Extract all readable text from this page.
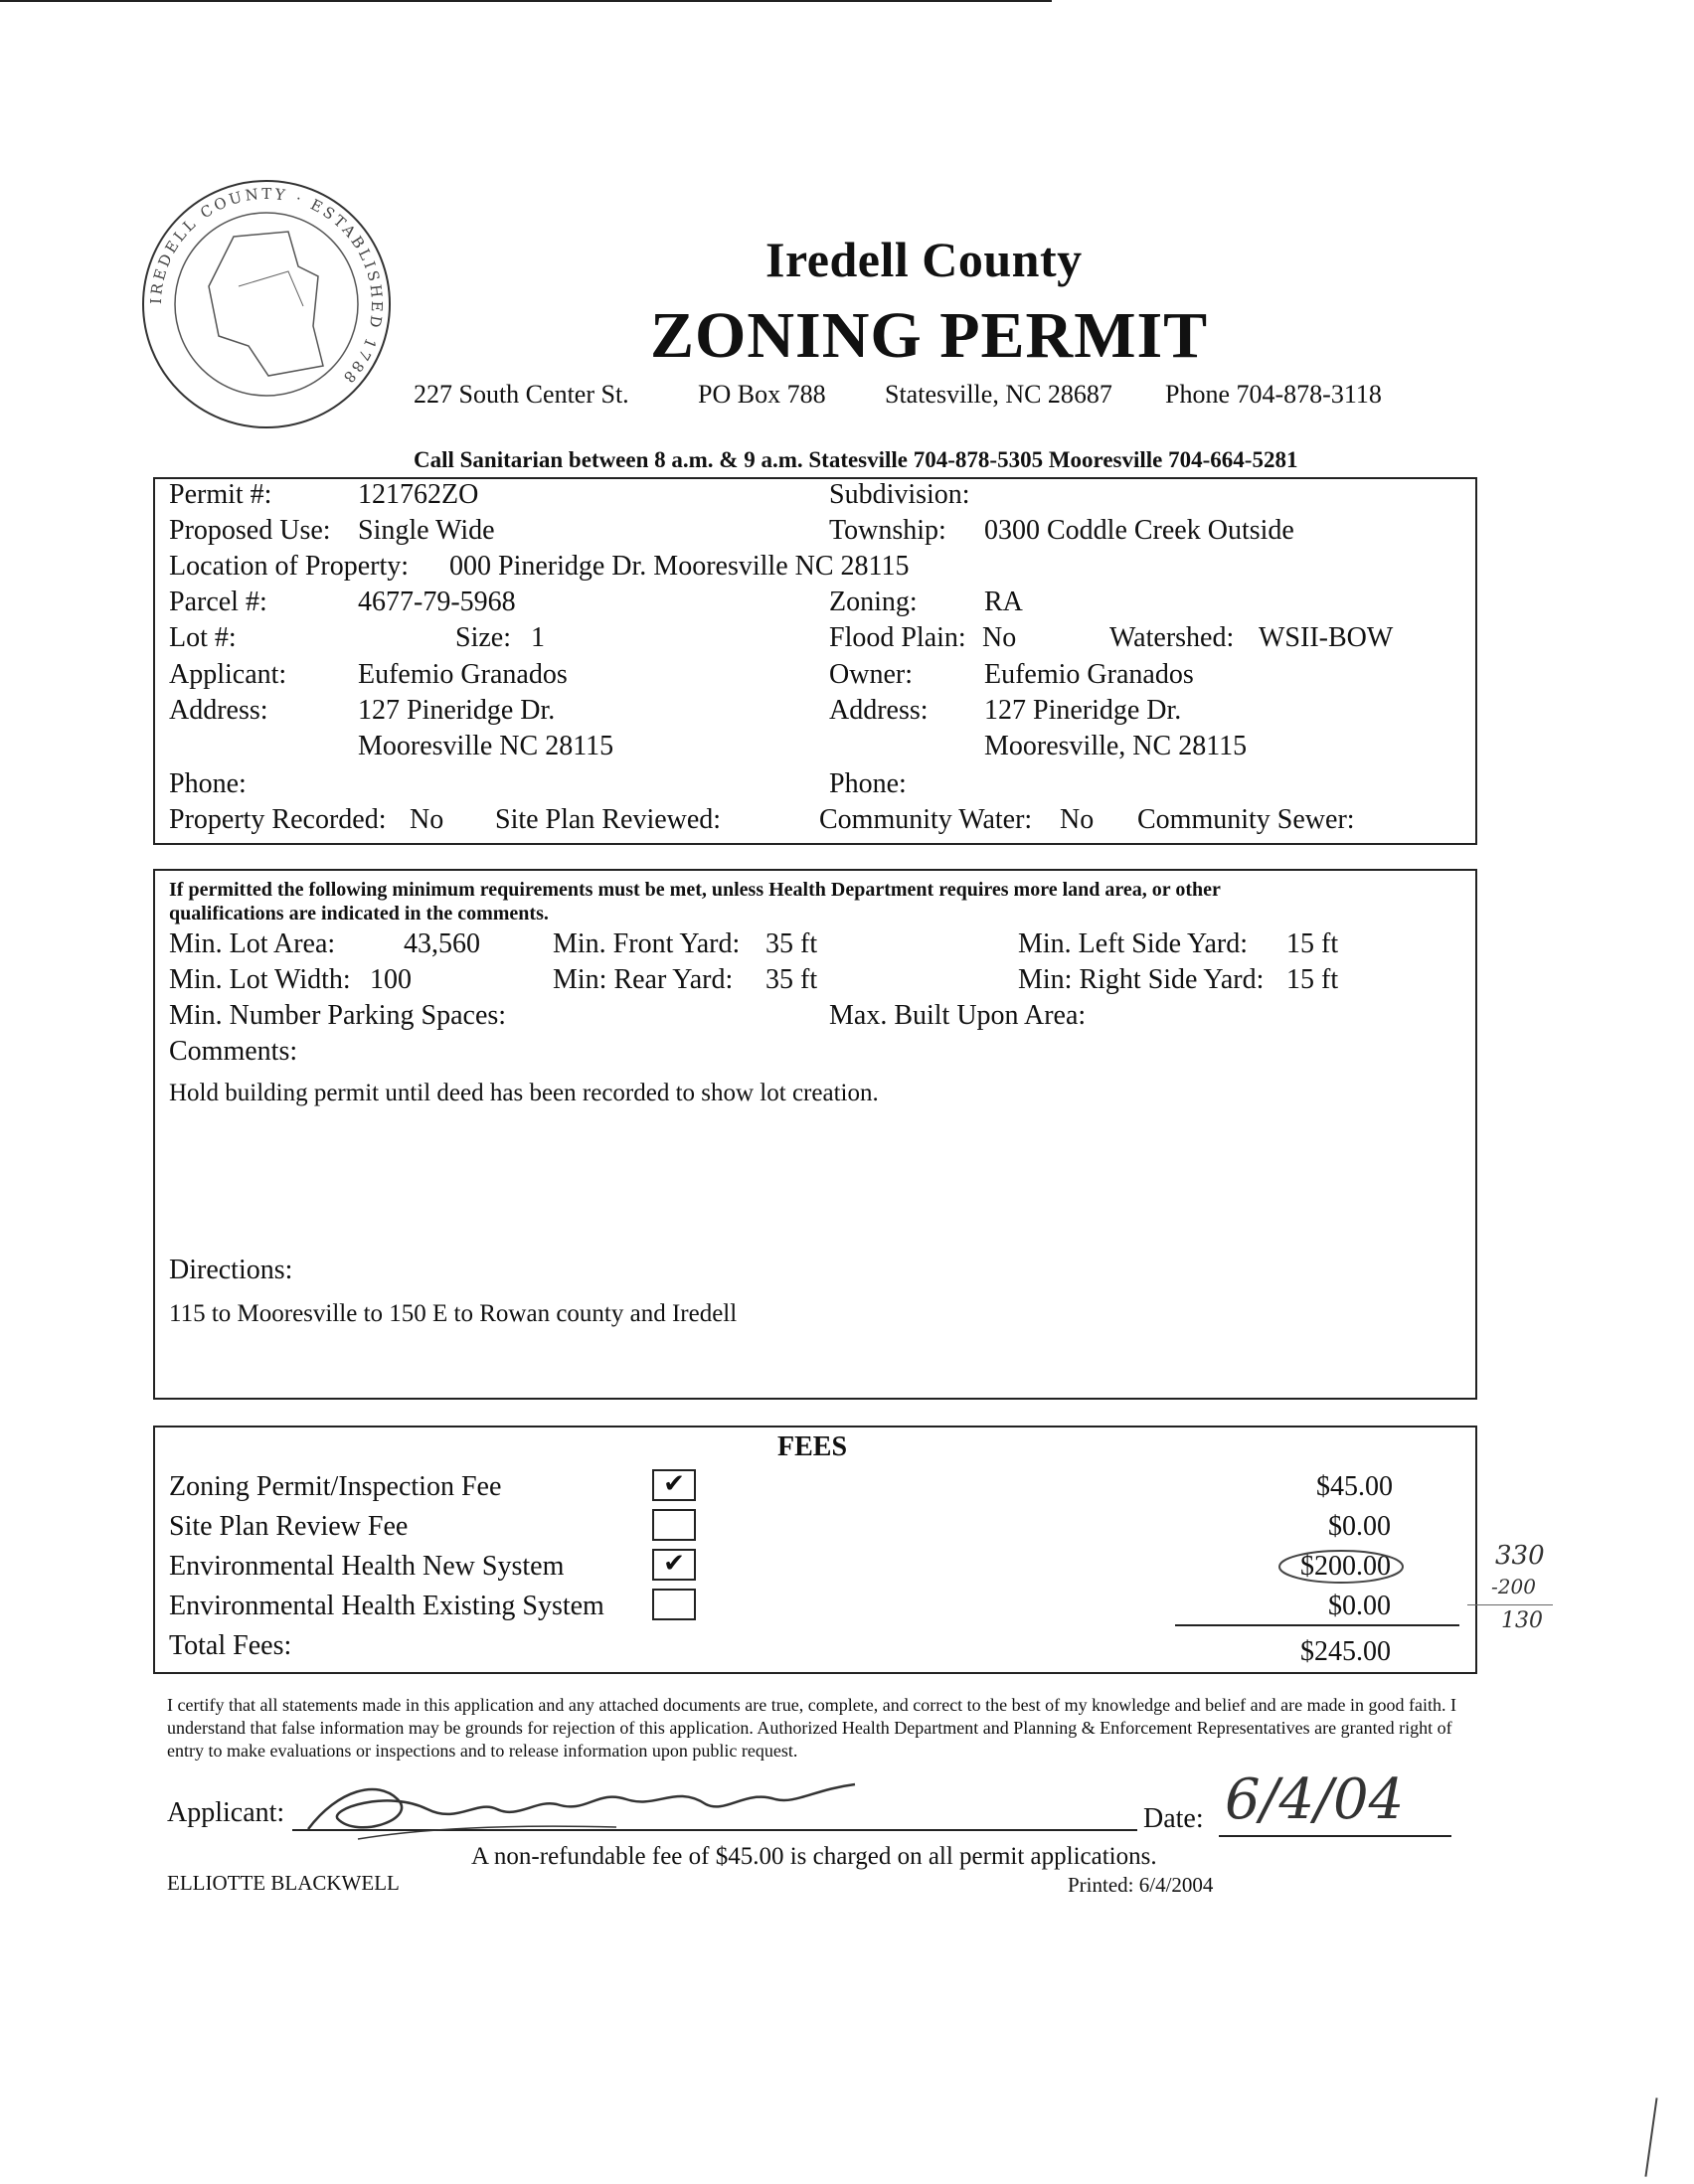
IREDELL COUNTY · ESTABLISHED 1788
Iredell County
ZONING PERMIT
227 South Center St.	PO Box 788 Statesville, NC 28687 Phone 704-878-3118
Call Sanitarian between 8 a.m. & 9 a.m. Statesville 704-878-5305 Mooresville 704-664-5281
Permit #:	121762ZO	Subdivision:
Proposed Use: Single Wide	Township: 0300 Coddle Creek Outside
Location of Property: 000 Pineridge Dr. Mooresville NC 28115
Parcel #:	4677-79-5968	Zoning: RA
Lot #:	Size: 1	Flood Plain: No	Watershed: WSII-BOW
Applicant:	Eufemio Granados	Owner:	Eufemio Granados
Address:	127 Pineridge Dr.	Address: 127 Pineridge Dr.
Mooresville NC 28115	Mooresville, NC 28115
Phone:	Phone:
Property Recorded: No Site Plan Reviewed:	Community Water: No Community Sewer:
If permitted the following minimum requirements must be met, unless Health Department requires more land area, or other
qualifications are indicated in the comments.
Min. Lot Area: 43,560	Min. Front Yard: 35 ft	Min. Left Side Yard: 15 ft
Min. Lot Width: 100	Min: Rear Yard: 35 ft	Min: Right Side Yard: 15 ft
Min. Number Parking Spaces:	Max. Built Upon Area:
Comments:
Hold building permit until deed has been recorded to show lot creation.
Directions:
115 to Mooresville to 150 E to Rowan county and Iredell
FEES
Zoning Permit/Inspection Fee	✔	$45.00
Site Plan Review Fee	$0.00
Environmental Health New System	✔	$200.00
Environmental Health Existing System	$0.00
Total Fees:	$245.00
330
-200
130
I certify that all statements made in this application and any attached documents are true, complete, and correct to the best of my knowledge and belief and are made in good faith. I understand that false information may be grounds for rejection of this application. Authorized Health Department and Planning & Enforcement Representatives are granted right of entry to make evaluations or inspections and to release information upon public request.
Applicant:	Date: 6/4/04
A non-refundable fee of $45.00 is charged on all permit applications.
ELLIOTTE BLACKWELL	Printed: 6/4/2004
